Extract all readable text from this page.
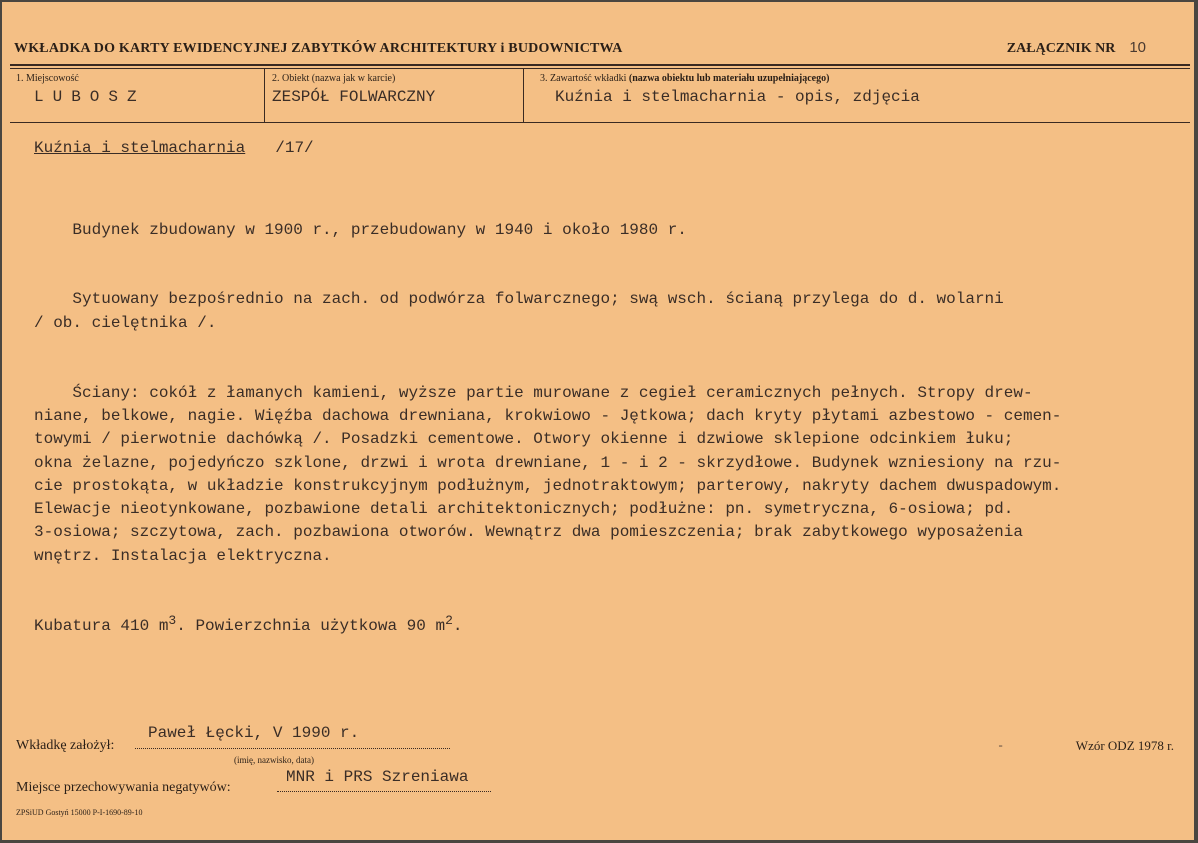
WKŁADKA DO KARTY EWIDENCYJNEJ ZABYTKÓW ARCHITEKTURY i BUDOWNICTWA	ZAŁĄCZNIK NR 10
1. Miejscowość
LUBOSZ
2. Obiekt (nazwa jak w karcie)
ZESPÓŁ FOLWARCZNY
3. Zawartość wkładki (nazwa obiektu lub materiału uzupełniającego)
Kuźnia i stelmacharnia - opis, zdjęcia
Kuźnia i stelmacharnia /17/

Budynek zbudowany w 1900 r., przebudowany w 1940 i około 1980 r.

Sytuowany bezpośrednio na zach. od podwórza folwarcznego; swą wsch. ścianą przylega do d. wolarni
/ ob. cielętnika /.

Ściany: cokół z łamanych kamieni, wyższe partie murowane z cegieł ceramicznych pełnych. Stropy drew-
niane, belkowe, nagie. Więźba dachowa drewniana, krokwiowo - Jętkowa; dach kryty płytami azbestowo - cemen-
towymi / pierwotnie dachówką /. Posadzki cementowe. Otwory okienne i dzwiowe sklepione odcinkiem łuku;
okna żelazne, pojedyńczo szklone, drzwi i wrota drewniane, 1 - i 2 - skrzydłowe. Budynek wzniesiony na rzu-
cie prostokąta, w układzie konstrukcyjnym podłużnym, jednotraktowym; parterowy, nakryty dachem dwuspadowym.
Elewacje nieotynkowane, pozbawione detali architektonicznych; podłużne: pn. symetryczna, 6-osiowa; pd.
3-osiowa; szczytowa, zach. pozbawiona otworów. Wewnątrz dwa pomieszczenia; brak zabytkowego wyposażenia
wnętrz. Instalacja elektryczna.

Kubatura 410 $m^3$. Powierzchnia użytkowa 90 $m^2$.

Wkładkę założył:
Paweł Łęcki, V 1990 r.
(imię, nazwisko, data)
-	Wzór ODZ 1978 r.
Miejsce przechowywania negatywów:
MNR i PRS Szreniawa
ZPSiUD Gostyń 15000 P-I-1690-89-10
